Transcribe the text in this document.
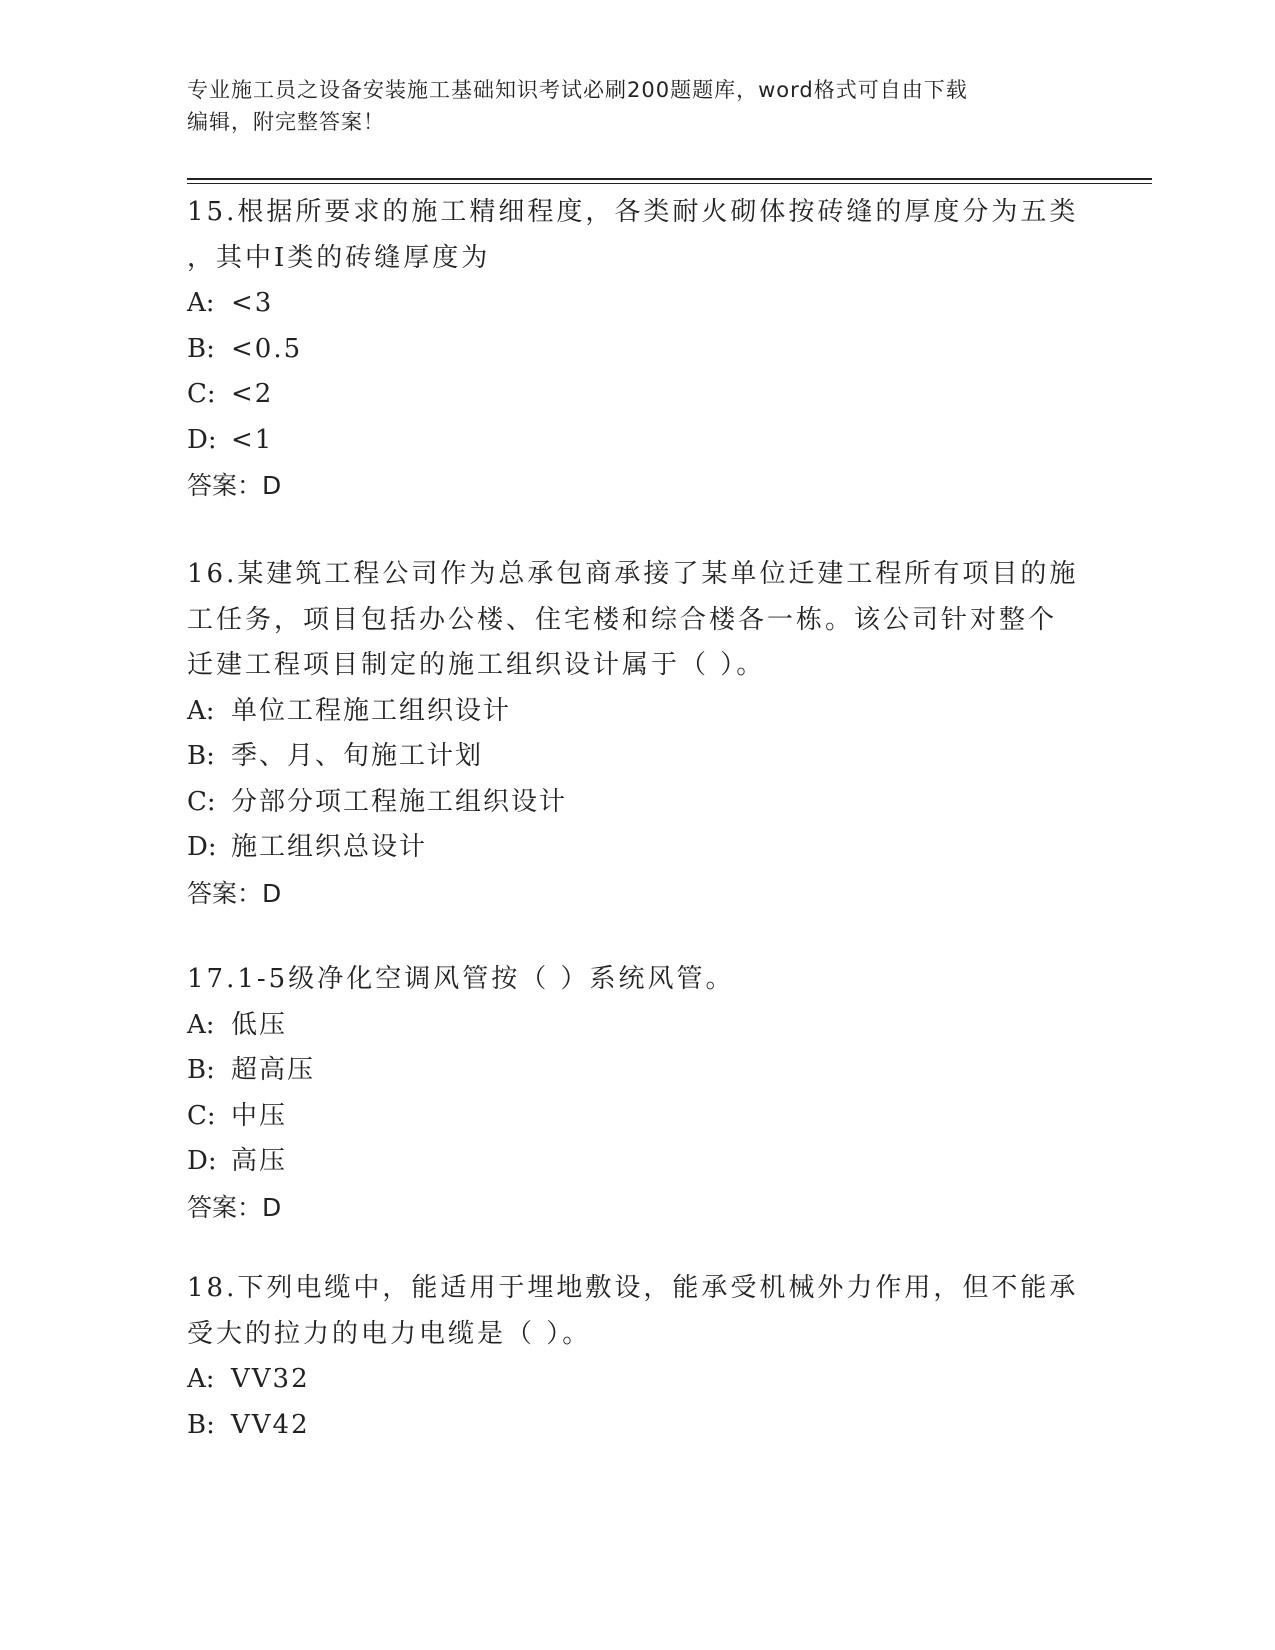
专业施工员之设备安装施工基础知识考试必刷200题题库，word格式可自由下载
编辑，附完整答案！
15.根据所要求的施工精细程度，各类耐火砌体按砖缝的厚度分为五类
，其中Ⅰ类的砖缝厚度为
A: <3
B: <0.5
C: <2
D: <1
答案：D
16.某建筑工程公司作为总承包商承接了某单位迁建工程所有项目的施
工任务，项目包括办公楼、住宅楼和综合楼各一栋。该公司针对整个
迁建工程项目制定的施工组织设计属于（ ）。
A: 单位工程施工组织设计
B: 季、月、旬施工计划
C: 分部分项工程施工组织设计
D: 施工组织总设计
答案：D
17.1-5级净化空调风管按（ ）系统风管。
A: 低压
B: 超高压
C: 中压
D: 高压
答案：D
18.下列电缆中，能适用于埋地敷设，能承受机械外力作用，但不能承
受大的拉力的电力电缆是（ ）。
A: VV32
B: VV42
